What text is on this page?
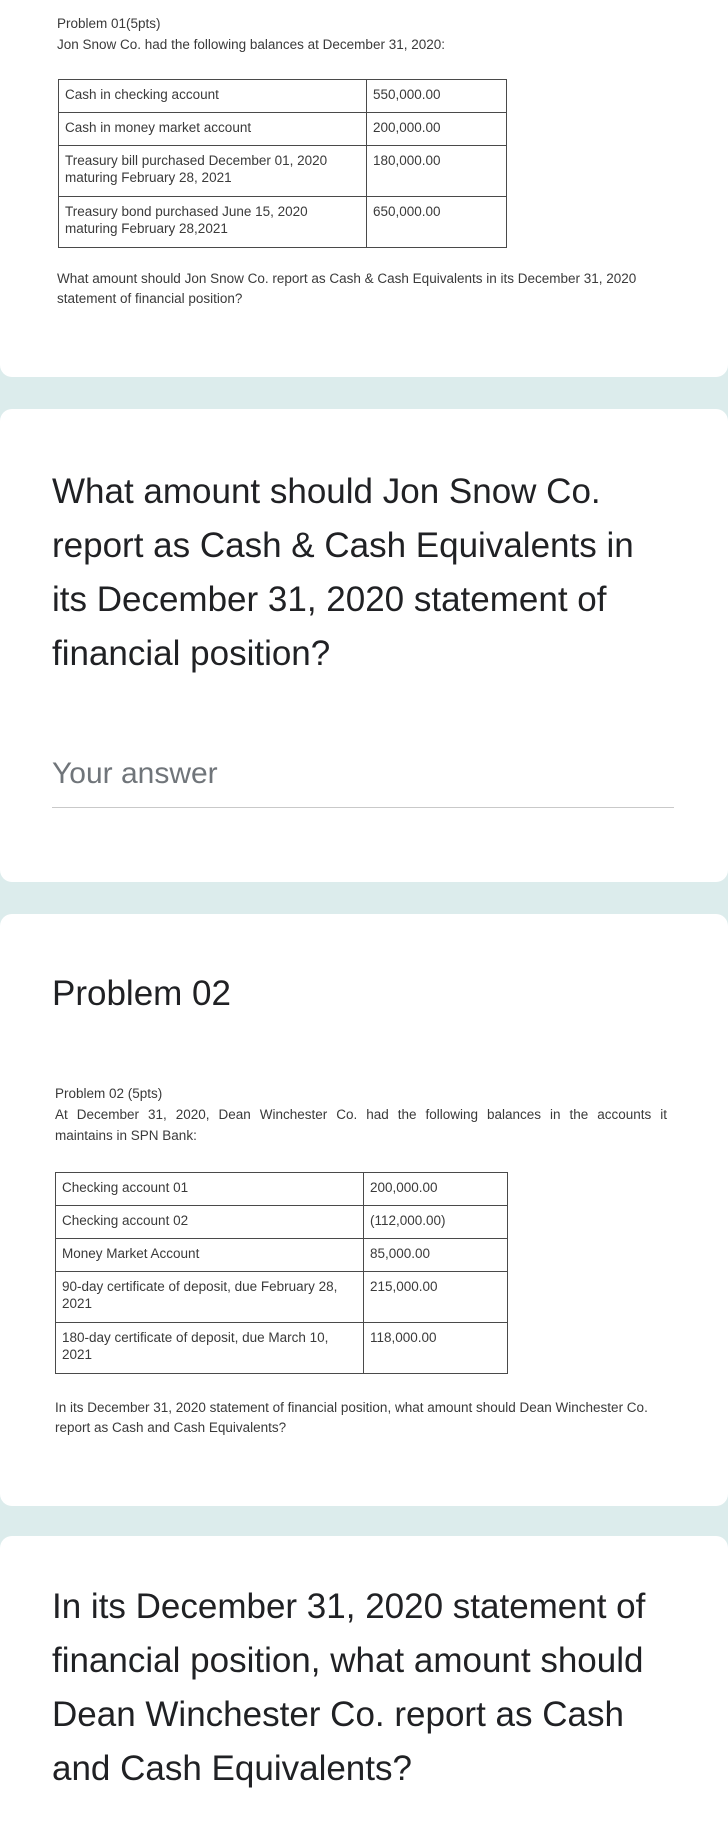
Problem 01(5pts)
Jon Snow Co. had the following balances at December 31, 2020:
Cash in checking account	550,000.00
Cash in money market account	200,000.00

Treasury bill purchased December 01, 2020
maturing February 28, 2021	180,000.00

Treasury bond purchased June 15, 2020
maturing February 28,2021	650,000.00
What amount should Jon Snow Co. report as Cash & Cash Equivalents in its December 31, 2020
statement of financial position?
What amount should Jon Snow Co. report as Cash & Cash Equivalents in its December 31, 2020 statement of financial position?
Your answer
Problem 02
Problem 02 (5pts)
At December 31, 2020, Dean Winchester Co. had the following balances in the accounts it
maintains in SPN Bank:
Checking account 01	200,000.00
Checking account 02	(112,000.00)
Money Market Account	85,000.00

90-day certificate of deposit, due February 28,
2021	215,000.00

180-day certificate of deposit, due March 10,
2021	118,000.00
In its December 31, 2020 statement of financial position, what amount should Dean Winchester Co.
report as Cash and Cash Equivalents?
In its December 31, 2020 statement of financial position, what amount should Dean Winchester Co. report as Cash and Cash Equivalents?
